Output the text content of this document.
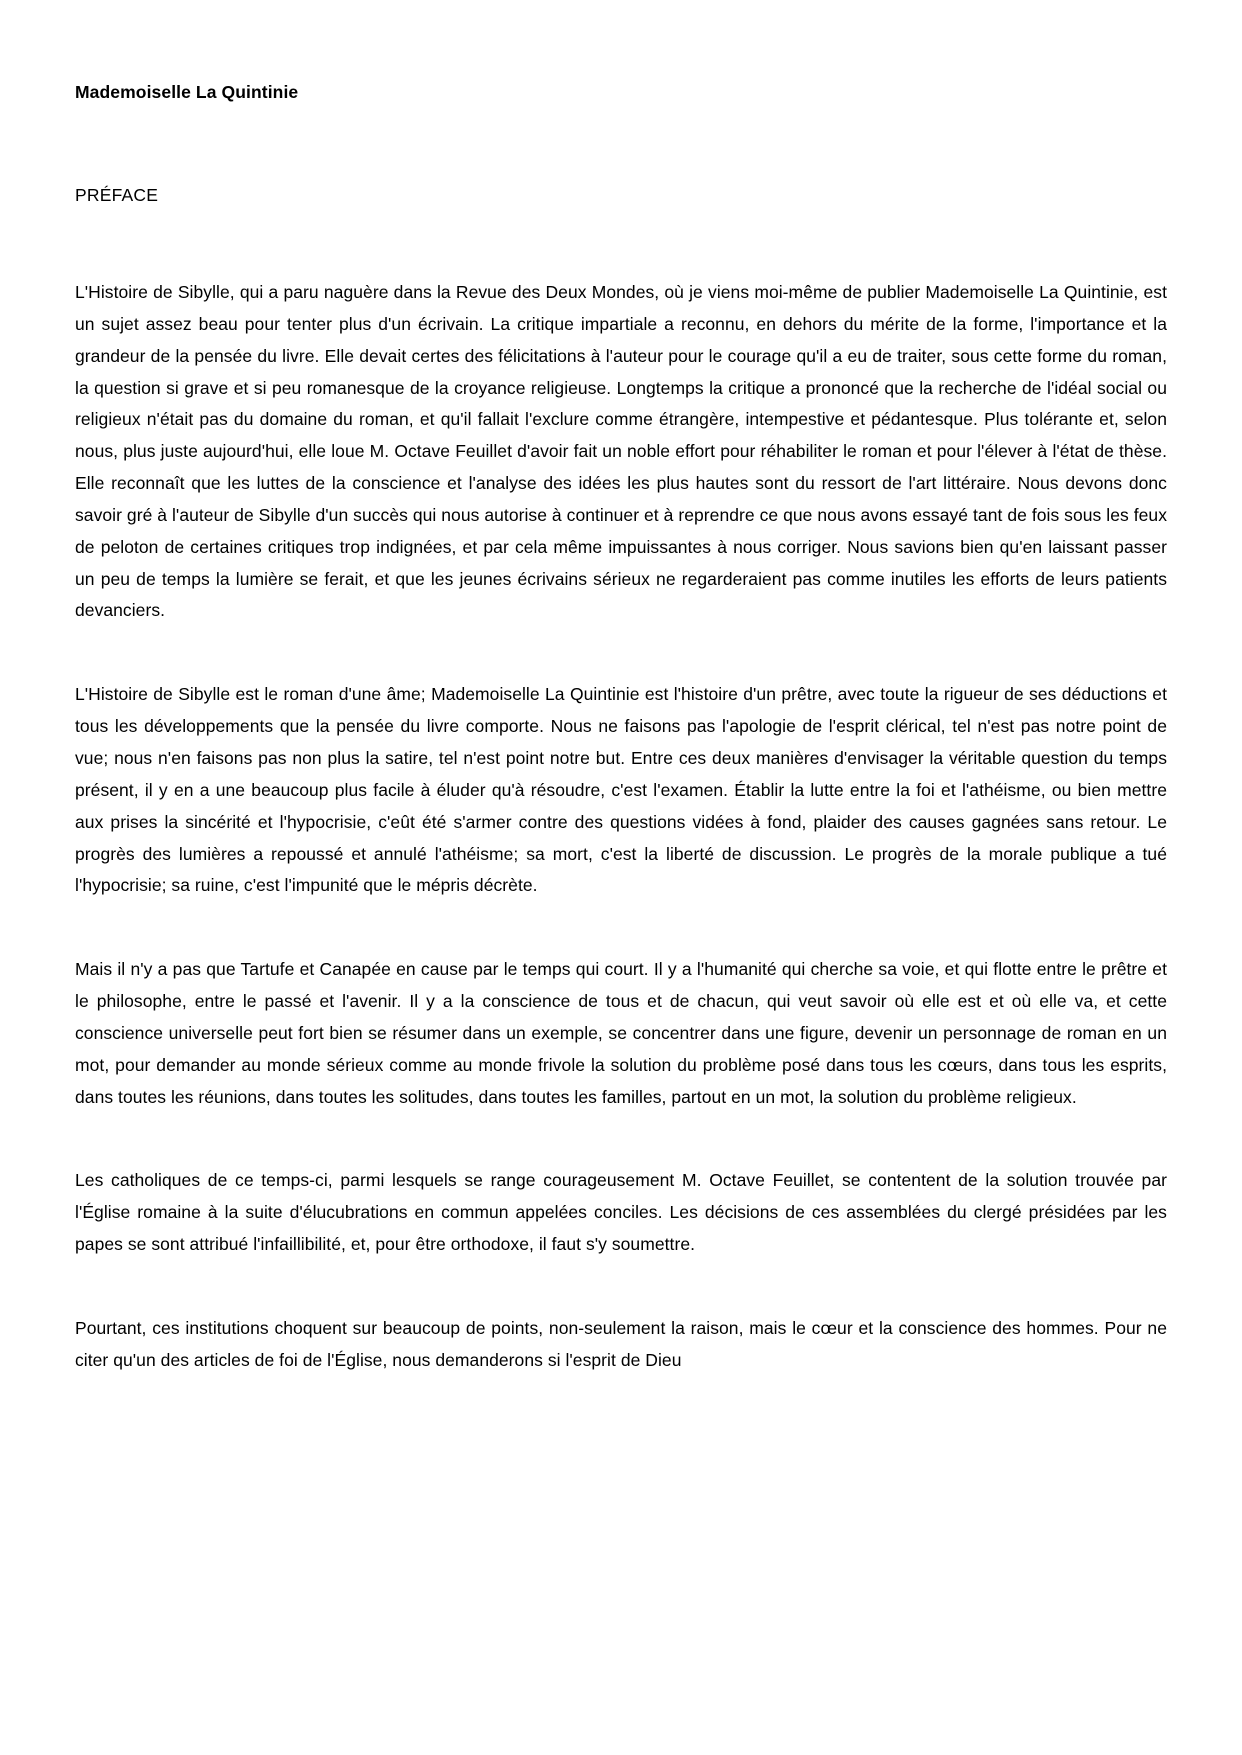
Mademoiselle La Quintinie
PRÉFACE

L'Histoire de Sibylle, qui a paru naguère dans la Revue des Deux Mondes, où je viens moi-même de publier Mademoiselle La Quintinie, est un sujet assez beau pour tenter plus d'un écrivain. La critique impartiale a reconnu, en dehors du mérite de la forme, l'importance et la grandeur de la pensée du livre. Elle devait certes des félicitations à l'auteur pour le courage qu'il a eu de traiter, sous cette forme du roman, la question si grave et si peu romanesque de la croyance religieuse. Longtemps la critique a prononcé que la recherche de l'idéal social ou religieux n'était pas du domaine du roman, et qu'il fallait l'exclure comme étrangère, intempestive et pédantesque. Plus tolérante et, selon nous, plus juste aujourd'hui, elle loue M. Octave Feuillet d'avoir fait un noble effort pour réhabiliter le roman et pour l'élever à l'état de thèse. Elle reconnaît que les luttes de la conscience et l'analyse des idées les plus hautes sont du ressort de l'art littéraire. Nous devons donc savoir gré à l'auteur de Sibylle d'un succès qui nous autorise à continuer et à reprendre ce que nous avons essayé tant de fois sous les feux de peloton de certaines critiques trop indignées, et par cela même impuissantes à nous corriger. Nous savions bien qu'en laissant passer un peu de temps la lumière se ferait, et que les jeunes écrivains sérieux ne regarderaient pas comme inutiles les efforts de leurs patients devanciers.

L'Histoire de Sibylle est le roman d'une âme; Mademoiselle La Quintinie est l'histoire d'un prêtre, avec toute la rigueur de ses déductions et tous les développements que la pensée du livre comporte. Nous ne faisons pas l'apologie de l'esprit clérical, tel n'est pas notre point de vue; nous n'en faisons pas non plus la satire, tel n'est point notre but. Entre ces deux manières d'envisager la véritable question du temps présent, il y en a une beaucoup plus facile à éluder qu'à résoudre, c'est l'examen. Établir la lutte entre la foi et l'athéisme, ou bien mettre aux prises la sincérité et l'hypocrisie, c'eût été s'armer contre des questions vidées à fond, plaider des causes gagnées sans retour. Le progrès des lumières a repoussé et annulé l'athéisme; sa mort, c'est la liberté de discussion. Le progrès de la morale publique a tué l'hypocrisie; sa ruine, c'est l'impunité que le mépris décrète.

Mais il n'y a pas que Tartufe et Canapée en cause par le temps qui court. Il y a l'humanité qui cherche sa voie, et qui flotte entre le prêtre et le philosophe, entre le passé et l'avenir. Il y a la conscience de tous et de chacun, qui veut savoir où elle est et où elle va, et cette conscience universelle peut fort bien se résumer dans un exemple, se concentrer dans une figure, devenir un personnage de roman en un mot, pour demander au monde sérieux comme au monde frivole la solution du problème posé dans tous les cœurs, dans tous les esprits, dans toutes les réunions, dans toutes les solitudes, dans toutes les familles, partout en un mot, la solution du problème religieux.

Les catholiques de ce temps-ci, parmi lesquels se range courageusement M. Octave Feuillet, se contentent de la solution trouvée par l'Église romaine à la suite d'élucubrations en commun appelées conciles. Les décisions de ces assemblées du clergé présidées par les papes se sont attribué l'infaillibilité, et, pour être orthodoxe, il faut s'y soumettre.

Pourtant, ces institutions choquent sur beaucoup de points, non-seulement la raison, mais le cœur et la conscience des hommes. Pour ne citer qu'un des articles de foi de l'Église, nous demanderons si l'esprit de Dieu
